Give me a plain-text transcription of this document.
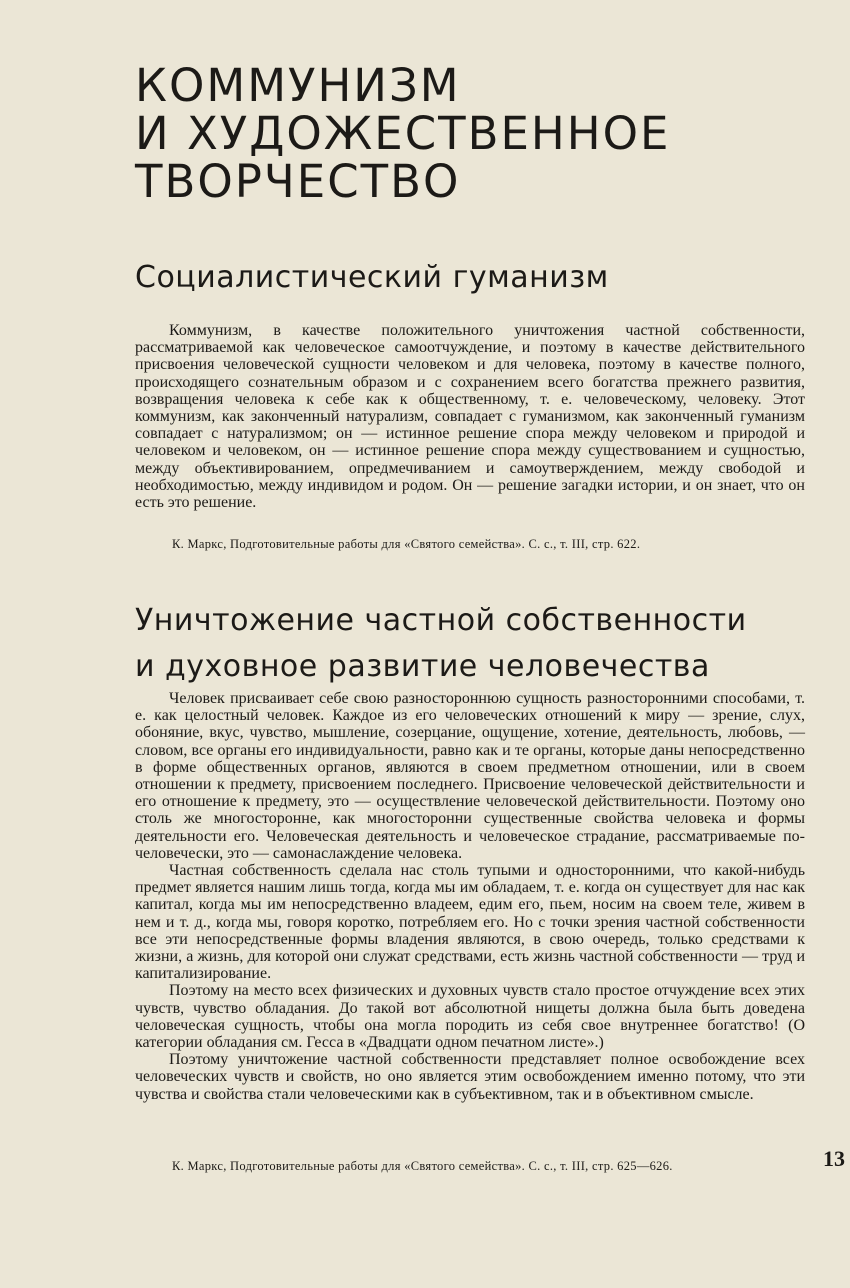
КОММУНИЗМ
И ХУДОЖЕСТВЕННОЕ
ТВОРЧЕСТВО
Социалистический гуманизм

Коммунизм, в качестве положительного уничтожения частной собственности, рассматриваемой как человеческое самоотчуждение, и поэтому в качестве действительного присвоения человеческой сущности человеком и для человека, поэтому в качестве полного, происходящего сознательным образом и с сохранением всего богатства прежнего развития, возвращения человека к себе как к общественному, т. е. человеческому, человеку. Этот коммунизм, как законченный натурализм, совпадает с гуманизмом, как законченный гуманизм совпадает с натурализмом; он — истинное решение спора между человеком и природой и человеком и человеком, он — истинное решение спора между существованием и сущностью, между объективированием, опредмечиванием и самоутверждением, между свободой и необходимостью, между индивидом и родом. Он — решение загадки истории, и он знает, что он есть это решение.

К. Маркс, Подготовительные работы для «Святого семейства». С. с., т. III, стр. 622.
Уничтожение частной собственности
и духовное развитие человечества

Человек присваивает себе свою разностороннюю сущность разносторонними способами, т. е. как целостный человек. Каждое из его человеческих отношений к миру — зрение, слух, обоняние, вкус, чувство, мышление, созерцание, ощущение, хотение, деятельность, любовь, — словом, все органы его индивидуальности, равно как и те органы, которые даны непосредственно в форме общественных органов, являются в своем предметном отношении, или в своем отношении к предмету, присвоением последнего. Присвоение человеческой действительности и его отношение к предмету, это — осуществление человеческой действительности. Поэтому оно столь же многосторонне, как многосторонни существенные свойства человека и формы деятельности его. Человеческая деятельность и человеческое страдание, рассматриваемые по-человечески, это — самонаслаждение человека.

Частная собственность сделала нас столь тупыми и односторонними, что какой-нибудь предмет является нашим лишь тогда, когда мы им обладаем, т. е. когда он существует для нас как капитал, когда мы им непосредственно владеем, едим его, пьем, носим на своем теле, живем в нем и т. д., когда мы, говоря коротко, потребляем его. Но с точки зрения частной собственности все эти непосредственные формы владения являются, в свою очередь, только средствами к жизни, а жизнь, для которой они служат средствами, есть жизнь частной собственности — труд и капитализирование.

Поэтому на место всех физических и духовных чувств стало простое отчуждение всех этих чувств, чувство обладания. До такой вот абсолютной нищеты должна была быть доведена человеческая сущность, чтобы она могла породить из себя свое внутреннее богатство! (О категории обладания см. Гесса в «Двадцати одном печатном листе».)

Поэтому уничтожение частной собственности представляет полное освобождение всех человеческих чувств и свойств, но оно является этим освобождением именно потому, что эти чувства и свойства стали человеческими как в субъективном, так и в объективном смысле.

К. Маркс, Подготовительные работы для «Святого семейства». С. с., т. III, стр. 625—626.	13
